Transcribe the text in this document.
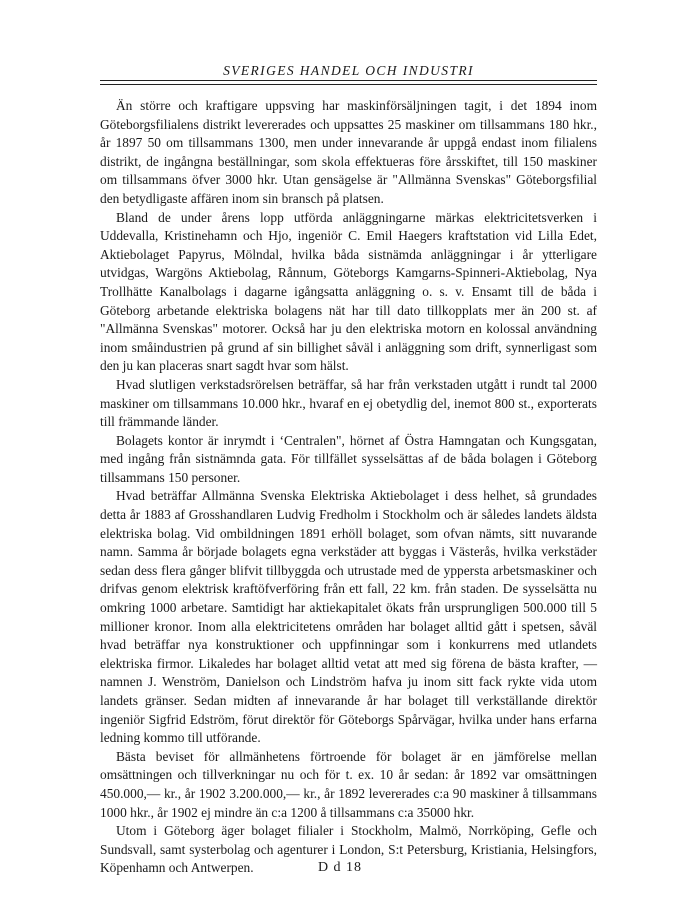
SVERIGES HANDEL OCH INDUSTRI

Än större och kraftigare uppsving har maskinförsäljningen tagit, i det 1894 inom Göteborgsfilialens distrikt levererades och uppsattes 25 maskiner om tillsammans 180 hkr., år 1897 50 om tillsammans 1300, men under innevarande år uppgå endast inom filialens distrikt, de ingångna beställningar, som skola effektueras före årsskiftet, till 150 maskiner om tillsammans öfver 3000 hkr. Utan gensägelse är "Allmänna Svenskas" Göteborgsfilial den betydligaste affären inom sin bransch på platsen.

Bland de under årens lopp utförda anläggningarne märkas elektricitetsverken i Uddevalla, Kristinehamn och Hjo, ingeniör C. Emil Haegers kraftstation vid Lilla Edet, Aktiebolaget Papyrus, Mölndal, hvilka båda sistnämda anläggningar i år ytterligare utvidgas, Wargöns Aktiebolag, Rånnum, Göteborgs Kamgarns-Spinneri-Aktiebolag, Nya Trollhätte Kanalbolags i dagarne igångsatta anläggning o. s. v. Ensamt till de båda i Göteborg arbetande elektriska bolagens nät har till dato tillkopplats mer än 200 st. af "Allmänna Svenskas" motorer. Också har ju den elektriska motorn en kolossal användning inom småindustrien på grund af sin billighet såväl i anläggning som drift, synnerligast som den ju kan placeras snart sagdt hvar som hälst.

Hvad slutligen verkstadsrörelsen beträffar, så har från verkstaden utgått i rundt tal 2000 maskiner om tillsammans 10.000 hkr., hvaraf en ej obetydlig del, inemot 800 st., exporterats till främmande länder.

Bolagets kontor är inrymdt i ‘Centralen", hörnet af Östra Hamngatan och Kungsgatan, med ingång från sistnämnda gata. För tillfället sysselsättas af de båda bolagen i Göteborg tillsammans 150 personer.

Hvad beträffar Allmänna Svenska Elektriska Aktiebolaget i dess helhet, så grundades detta år 1883 af Grosshandlaren Ludvig Fredholm i Stockholm och är således landets äldsta elektriska bolag. Vid ombildningen 1891 erhöll bolaget, som ofvan nämts, sitt nuvarande namn. Samma år började bolagets egna verkstäder att byggas i Västerås, hvilka verkstäder sedan dess flera gånger blifvit tillbyggda och utrustade med de yppersta arbetsmaskiner och drifvas genom elektrisk kraftöfverföring från ett fall, 22 km. från staden. De sysselsätta nu omkring 1000 arbetare. Samtidigt har aktiekapitalet ökats från ursprungligen 500.000 till 5 millioner kronor. Inom alla elektricitetens områden har bolaget alltid gått i spetsen, såväl hvad beträffar nya konstruktioner och uppfinningar som i konkurrens med utlandets elektriska firmor. Likaledes har bolaget alltid vetat att med sig förena de bästa krafter, — namnen J. Wenström, Danielson och Lindström hafva ju inom sitt fack rykte vida utom landets gränser. Sedan midten af innevarande år har bolaget till verkställande direktör ingeniör Sigfrid Edström, förut direktör för Göteborgs Spårvägar, hvilka under hans erfarna ledning kommo till utförande.

Bästa beviset för allmänhetens förtroende för bolaget är en jämförelse mellan omsättningen och tillverkningar nu och för t. ex. 10 år sedan: år 1892 var omsättningen 450.000,— kr., år 1902 3.200.000,— kr., år 1892 levererades c:a 90 maskiner å tillsammans 1000 hkr., år 1902 ej mindre än c:a 1200 å tillsammans c:a 35000 hkr.

Utom i Göteborg äger bolaget filialer i Stockholm, Malmö, Norrköping, Gefle och Sundsvall, samt systerbolag och agenturer i London, S:t Petersburg, Kristiania, Helsingfors, Köpenhamn och Antwerpen.	D d 18
